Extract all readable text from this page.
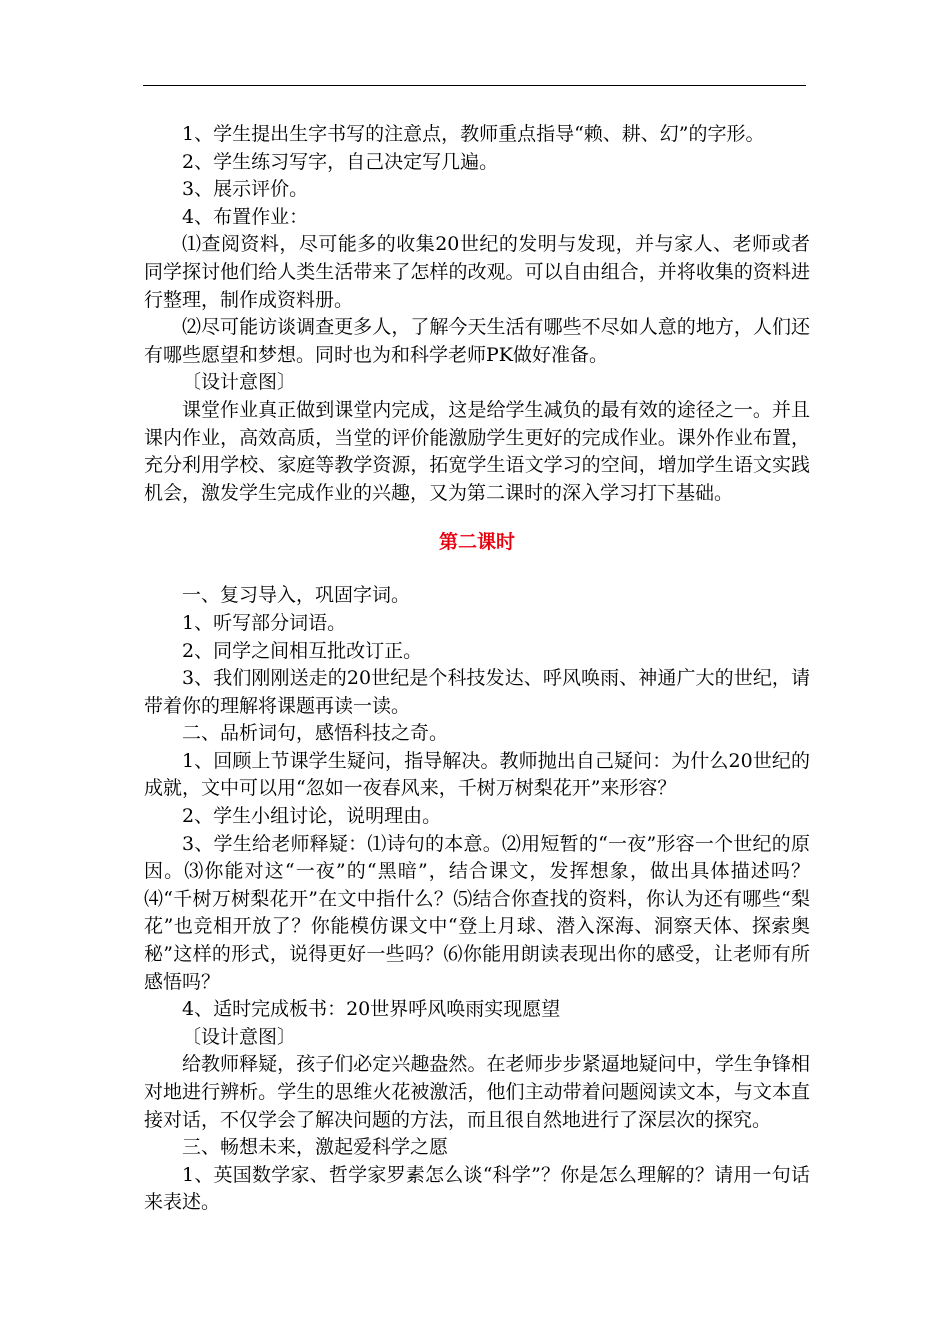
1、学生提出生字书写的注意点，教师重点指导“赖、耕、幻”的字形。

2、学生练习写字，自己决定写几遍。

3、展示评价。

4、布置作业：

⑴查阅资料，尽可能多的收集20世纪的发明与发现，并与家人、老师或者同学探讨他们给人类生活带来了怎样的改观。可以自由组合，并将收集的资料进行整理，制作成资料册。

⑵尽可能访谈调查更多人，了解今天生活有哪些不尽如人意的地方，人们还有哪些愿望和梦想。同时也为和科学老师PK做好准备。

〔设计意图〕

课堂作业真正做到课堂内完成，这是给学生减负的最有效的途径之一。并且课内作业，高效高质，当堂的评价能激励学生更好的完成作业。课外作业布置，充分利用学校、家庭等教学资源，拓宽学生语文学习的空间，增加学生语文实践机会，激发学生完成作业的兴趣，又为第二课时的深入学习打下基础。

第二课时

一、复习导入，巩固字词。

1、听写部分词语。

2、同学之间相互批改订正。

3、我们刚刚送走的20世纪是个科技发达、呼风唤雨、神通广大的世纪，请带着你的理解将课题再读一读。

二、品析词句，感悟科技之奇。

1、回顾上节课学生疑问，指导解决。教师抛出自己疑问：为什么20世纪的成就，文中可以用“忽如一夜春风来，千树万树梨花开”来形容？

2、学生小组讨论，说明理由。

3、学生给老师释疑：⑴诗句的本意。⑵用短暂的“一夜”形容一个世纪的原因。⑶你能对这“一夜”的“黑暗”，结合课文，发挥想象，做出具体描述吗？⑷“千树万树梨花开”在文中指什么？⑸结合你查找的资料，你认为还有哪些“梨花”也竞相开放了？你能模仿课文中“登上月球、潜入深海、洞察天体、探索奥秘”这样的形式，说得更好一些吗？⑹你能用朗读表现出你的感受，让老师有所感悟吗？

4、适时完成板书：20世界呼风唤雨实现愿望

〔设计意图〕

给教师释疑，孩子们必定兴趣盎然。在老师步步紧逼地疑问中，学生争锋相对地进行辨析。学生的思维火花被激活，他们主动带着问题阅读文本，与文本直接对话，不仅学会了解决问题的方法，而且很自然地进行了深层次的探究。

三、畅想未来，激起爱科学之愿

1、英国数学家、哲学家罗素怎么谈“科学”？你是怎么理解的？请用一句话来表述。
